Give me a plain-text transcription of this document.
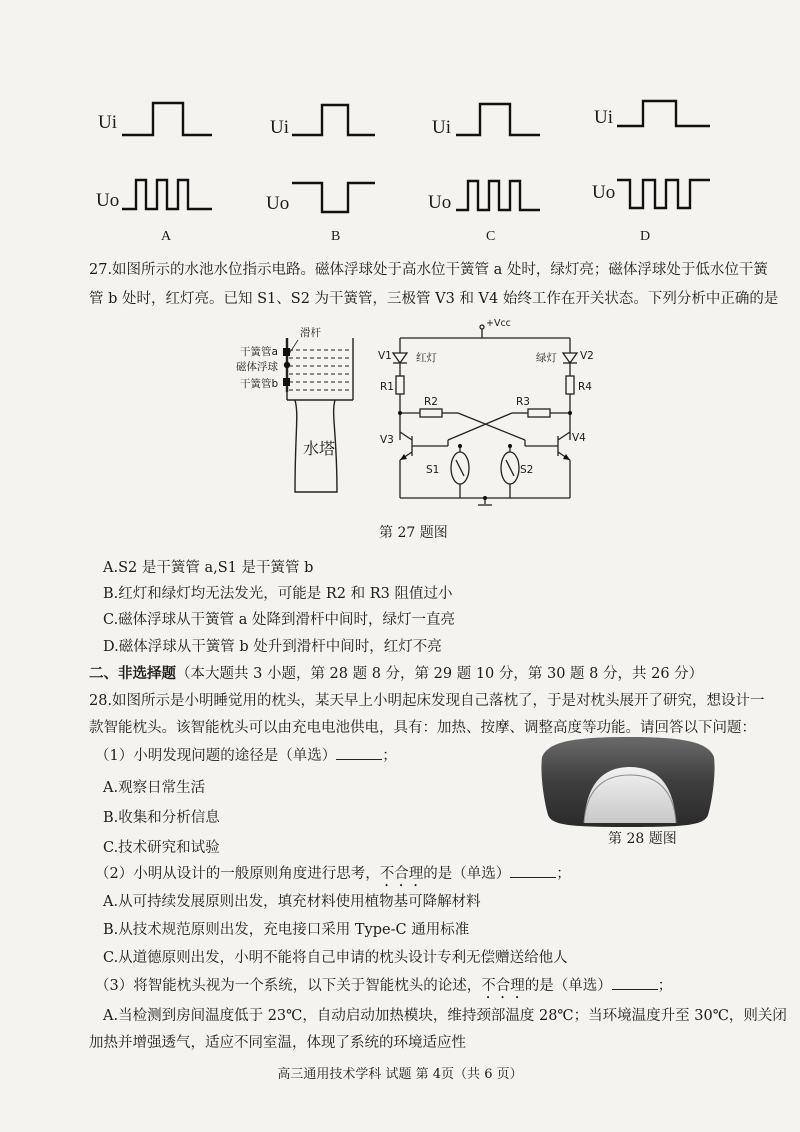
Ui
Uo
Ui
Uo
Ui
Uo
Ui
Uo
A	B	C	D
27.如图所示的水池水位指示电路。磁体浮球处于高水位干簧管 a 处时，绿灯亮；磁体浮球处于低水位干簧
管 b 处时，红灯亮。已知 S1、S2 为干簧管，三极管 V3 和 V4 始终工作在开关状态。下列分析中正确的是
滑杆
干簧管a
磁体浮球
干簧管b
水塔
+Vcc
V1 红灯	绿灯 V2
R1	R4
R2	R3
V3	V4
S1	S2
第 27 题图
A.S2 是干簧管 a,S1 是干簧管 b
B.红灯和绿灯均无法发光，可能是 R2 和 R3 阻值过小
C.磁体浮球从干簧管 a 处降到滑杆中间时，绿灯一直亮
D.磁体浮球从干簧管 b 处升到滑杆中间时，红灯不亮
二、非选择题（本大题共 3 小题，第 28 题 8 分，第 29 题 10 分，第 30 题 8 分，共 26 分）
28.如图所示是小明睡觉用的枕头，某天早上小明起床发现自己落枕了，于是对枕头展开了研究，想设计一
款智能枕头。该智能枕头可以由充电电池供电，具有：加热、按摩、调整高度等功能。请回答以下问题：
（1）小明发现问题的途径是（单选）	；
A.观察日常生活
B.收集和分析信息
C.技术研究和试验
第 28 题图
（2）小明从设计的一般原则角度进行思考，不合理的是（单选）	；
A.从可持续发展原则出发，填充材料使用植物基可降解材料
B.从技术规范原则出发，充电接口采用 Type-C 通用标准
C.从道德原则出发，小明不能将自己申请的枕头设计专利无偿赠送给他人
（3）将智能枕头视为一个系统，以下关于智能枕头的论述，不合理的是（单选）	；
A.当检测到房间温度低于 23℃，自动启动加热模块，维持颈部温度 28℃；当环境温度升至 30℃，则关闭
加热并增强透气，适应不同室温，体现了系统的环境适应性
高三通用技术学科 试题 第 4页（共 6 页）
